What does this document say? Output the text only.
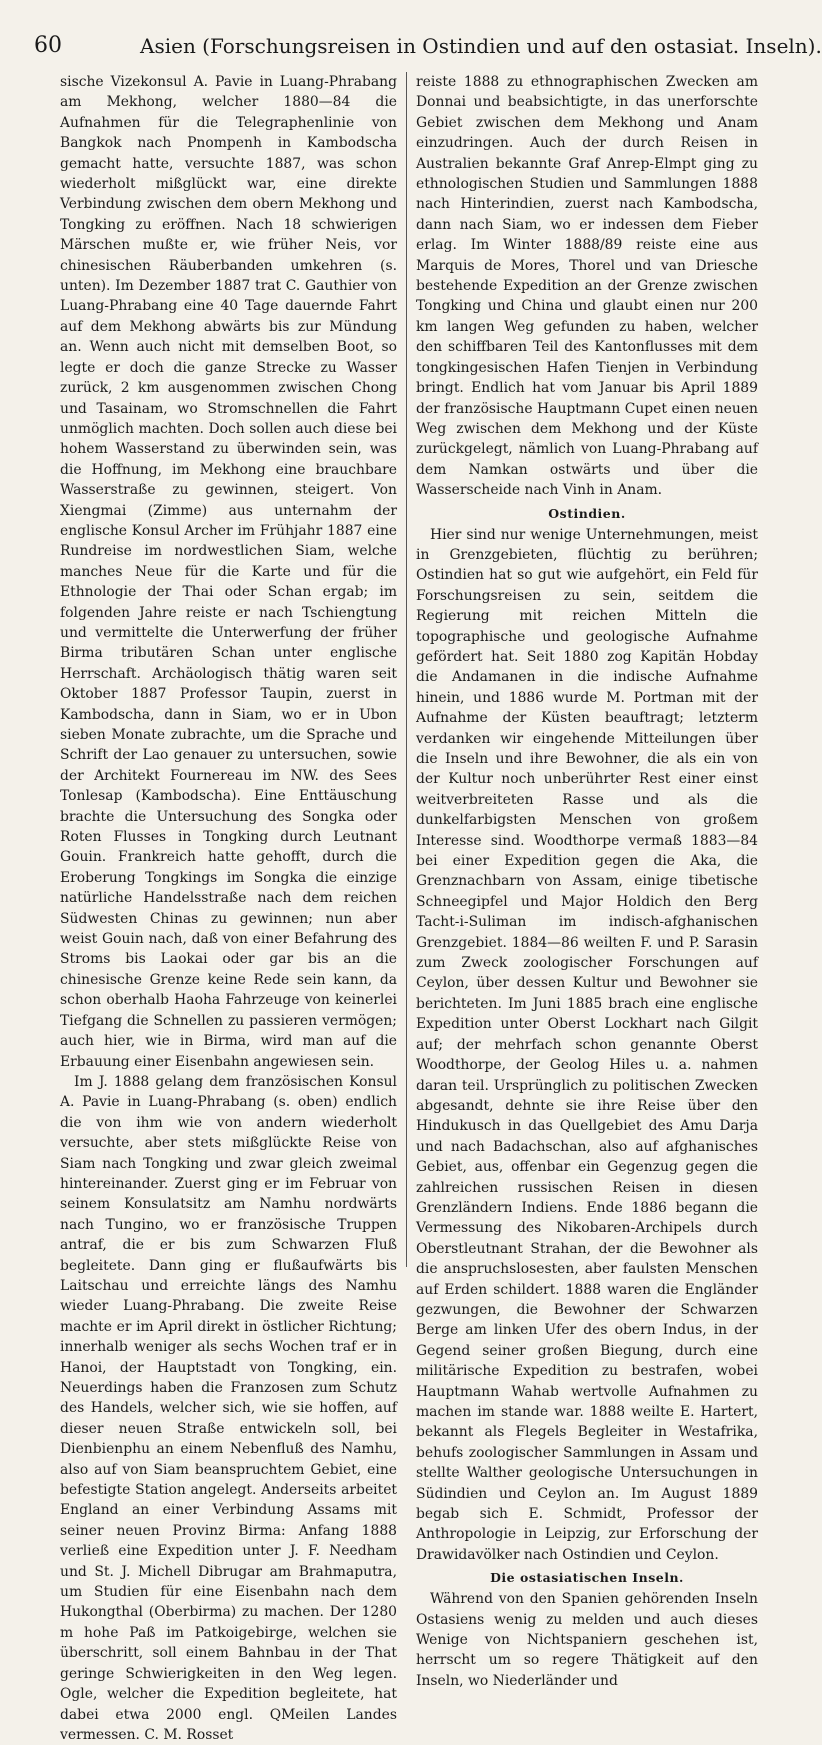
60	Asien (Forschungsreisen in Ostindien und auf den ostasiat. Inseln).

sische Vizekonsul A. Pavie in Luang-Phrabang am Mekhong, welcher 1880—84 die Aufnahmen für die Telegraphenlinie von Bangkok nach Pnompenh in Kambodscha gemacht hatte, versuchte 1887, was schon wiederholt mißglückt war, eine direkte Verbindung zwischen dem obern Mekhong und Tongking zu eröffnen. Nach 18 schwierigen Märschen mußte er, wie früher Neis, vor chinesischen Räuberbanden umkehren (s. unten). Im Dezember 1887 trat C. Gauthier von Luang-Phrabang eine 40 Tage dauernde Fahrt auf dem Mekhong abwärts bis zur Mündung an. Wenn auch nicht mit demselben Boot, so legte er doch die ganze Strecke zu Wasser zurück, 2 km ausgenommen zwischen Chong und Tasainam, wo Stromschnellen die Fahrt unmöglich machten. Doch sollen auch diese bei hohem Wasserstand zu überwinden sein, was die Hoffnung, im Mekhong eine brauchbare Wasserstraße zu gewinnen, steigert. Von Xiengmai (Zimme) aus unternahm der englische Konsul Archer im Frühjahr 1887 eine Rundreise im nordwestlichen Siam, welche manches Neue für die Karte und für die Ethnologie der Thai oder Schan ergab; im folgenden Jahre reiste er nach Tschiengtung und vermittelte die Unterwerfung der früher Birma tributären Schan unter englische Herrschaft. Archäologisch thätig waren seit Oktober 1887 Professor Taupin, zuerst in Kambodscha, dann in Siam, wo er in Ubon sieben Monate zubrachte, um die Sprache und Schrift der Lao genauer zu untersuchen, sowie der Architekt Fournereau im NW. des Sees Tonlesap (Kambodscha). Eine Enttäuschung brachte die Untersuchung des Songka oder Roten Flusses in Tongking durch Leutnant Gouin. Frankreich hatte gehofft, durch die Eroberung Tongkings im Songka die einzige natürliche Handelsstraße nach dem reichen Südwesten Chinas zu gewinnen; nun aber weist Gouin nach, daß von einer Befahrung des Stroms bis Laokai oder gar bis an die chinesische Grenze keine Rede sein kann, da schon oberhalb Haoha Fahrzeuge von keinerlei Tiefgang die Schnellen zu passieren vermögen; auch hier, wie in Birma, wird man auf die Erbauung einer Eisenbahn angewiesen sein.

Im J. 1888 gelang dem französischen Konsul A. Pavie in Luang-Phrabang (s. oben) endlich die von ihm wie von andern wiederholt versuchte, aber stets mißglückte Reise von Siam nach Tongking und zwar gleich zweimal hintereinander. Zuerst ging er im Februar von seinem Konsulatsitz am Namhu nordwärts nach Tungino, wo er französische Truppen antraf, die er bis zum Schwarzen Fluß begleitete. Dann ging er flußaufwärts bis Laitschau und erreichte längs des Namhu wieder Luang-Phrabang. Die zweite Reise machte er im April direkt in östlicher Richtung; innerhalb weniger als sechs Wochen traf er in Hanoi, der Hauptstadt von Tongking, ein. Neuerdings haben die Franzosen zum Schutz des Handels, welcher sich, wie sie hoffen, auf dieser neuen Straße entwickeln soll, bei Dienbienphu an einem Nebenfluß des Namhu, also auf von Siam beanspruchtem Gebiet, eine befestigte Station angelegt. Anderseits arbeitet England an einer Verbindung Assams mit seiner neuen Provinz Birma: Anfang 1888 verließ eine Expedition unter J. F. Needham und St. J. Michell Dibrugar am Brahmaputra, um Studien für eine Eisenbahn nach dem Hukongthal (Oberbirma) zu machen. Der 1280 m hohe Paß im Patkoigebirge, welchen sie überschritt, soll einem Bahnbau in der That geringe Schwierigkeiten in den Weg legen. Ogle, welcher die Expedition begleitete, hat dabei etwa 2000 engl. QMeilen Landes vermessen. C. M. Rosset

reiste 1888 zu ethnographischen Zwecken am Donnai und beabsichtigte, in das unerforschte Gebiet zwischen dem Mekhong und Anam einzudringen. Auch der durch Reisen in Australien bekannte Graf Anrep-Elmpt ging zu ethnologischen Studien und Sammlungen 1888 nach Hinterindien, zuerst nach Kambodscha, dann nach Siam, wo er indessen dem Fieber erlag. Im Winter 1888/89 reiste eine aus Marquis de Mores, Thorel und van Driesche bestehende Expedition an der Grenze zwischen Tongking und China und glaubt einen nur 200 km langen Weg gefunden zu haben, welcher den schiffbaren Teil des Kantonflusses mit dem tongkingesischen Hafen Tienjen in Verbindung bringt. Endlich hat vom Januar bis April 1889 der französische Hauptmann Cupet einen neuen Weg zwischen dem Mekhong und der Küste zurückgelegt, nämlich von Luang-Phrabang auf dem Namkan ostwärts und über die Wasserscheide nach Vinh in Anam.

Ostindien.

Hier sind nur wenige Unternehmungen, meist in Grenzgebieten, flüchtig zu berühren; Ostindien hat so gut wie aufgehört, ein Feld für Forschungsreisen zu sein, seitdem die Regierung mit reichen Mitteln die topographische und geologische Aufnahme gefördert hat. Seit 1880 zog Kapitän Hobday die Andamanen in die indische Aufnahme hinein, und 1886 wurde M. Portman mit der Aufnahme der Küsten beauftragt; letzterm verdanken wir eingehende Mitteilungen über die Inseln und ihre Bewohner, die als ein von der Kultur noch unberührter Rest einer einst weitverbreiteten Rasse und als die dunkelfarbigsten Menschen von großem Interesse sind. Woodthorpe vermaß 1883—84 bei einer Expedition gegen die Aka, die Grenznachbarn von Assam, einige tibetische Schneegipfel und Major Holdich den Berg Tacht-i-Suliman im indisch-afghanischen Grenzgebiet. 1884—86 weilten F. und P. Sarasin zum Zweck zoologischer Forschungen auf Ceylon, über dessen Kultur und Bewohner sie berichteten. Im Juni 1885 brach eine englische Expedition unter Oberst Lockhart nach Gilgit auf; der mehrfach schon genannte Oberst Woodthorpe, der Geolog Hiles u. a. nahmen daran teil. Ursprünglich zu politischen Zwecken abgesandt, dehnte sie ihre Reise über den Hindukusch in das Quellgebiet des Amu Darja und nach Badachschan, also auf afghanisches Gebiet, aus, offenbar ein Gegenzug gegen die zahlreichen russischen Reisen in diesen Grenzländern Indiens. Ende 1886 begann die Vermessung des Nikobaren-Archipels durch Oberstleutnant Strahan, der die Bewohner als die anspruchslosesten, aber faulsten Menschen auf Erden schildert. 1888 waren die Engländer gezwungen, die Bewohner der Schwarzen Berge am linken Ufer des obern Indus, in der Gegend seiner großen Biegung, durch eine militärische Expedition zu bestrafen, wobei Hauptmann Wahab wertvolle Aufnahmen zu machen im stande war. 1888 weilte E. Hartert, bekannt als Flegels Begleiter in Westafrika, behufs zoologischer Sammlungen in Assam und stellte Walther geologische Untersuchungen in Südindien und Ceylon an. Im August 1889 begab sich E. Schmidt, Professor der Anthropologie in Leipzig, zur Erforschung der Drawidavölker nach Ostindien und Ceylon.

Die ostasiatischen Inseln.

Während von den Spanien gehörenden Inseln Ostasiens wenig zu melden und auch dieses Wenige von Nichtspaniern geschehen ist, herrscht um so regere Thätigkeit auf den Inseln, wo Niederländer und
